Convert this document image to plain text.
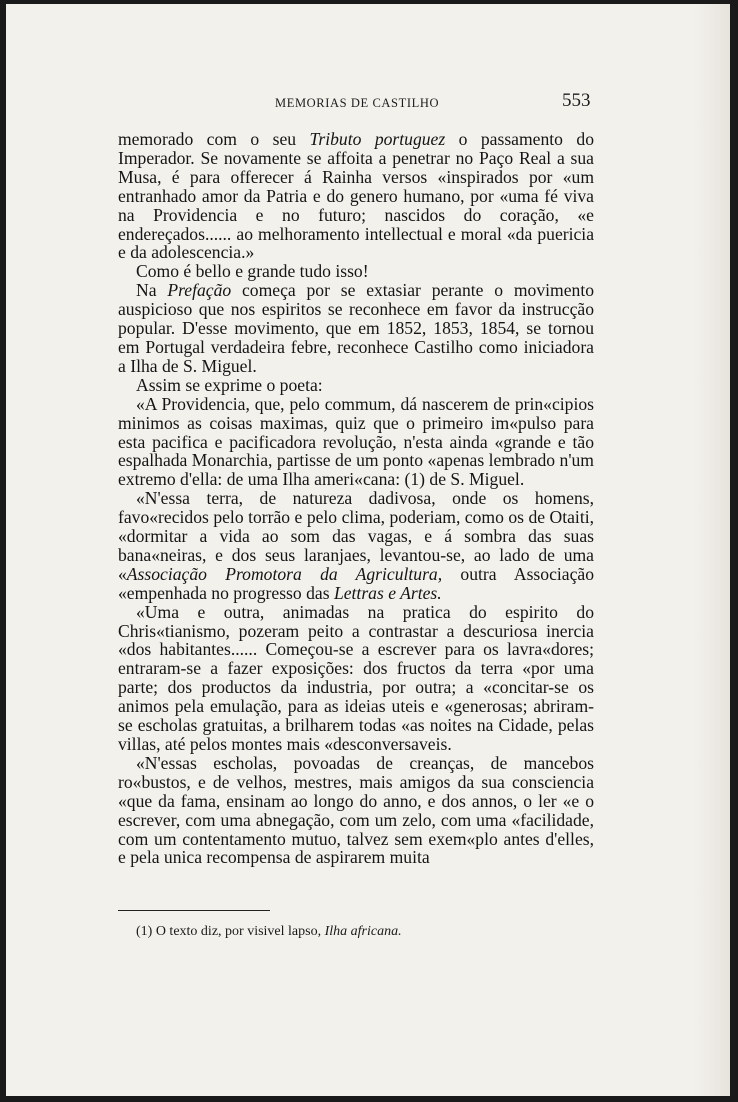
MEMORIAS DE CASTILHO	553

memorado com o seu Tributo portuguez o passamento do Imperador. Se novamente se affoita a penetrar no Paço Real a sua Musa, é para offerecer á Rainha versos «inspirados por «um entranhado amor da Patria e do genero humano, por «uma fé viva na Providencia e no futuro; nascidos do coração, «e endereçados...... ao melhoramento intellectual e moral «da puericia e da adolescencia.»

Como é bello e grande tudo isso!

Na Prefação começa por se extasiar perante o movimento auspicioso que nos espiritos se reconhece em favor da instrucção popular. D'esse movimento, que em 1852, 1853, 1854, se tornou em Portugal verdadeira febre, reconhece Castilho como iniciadora a Ilha de S. Miguel.

Assim se exprime o poeta:

«A Providencia, que, pelo commum, dá nascerem de prin«cipios minimos as coisas maximas, quiz que o primeiro im«pulso para esta pacifica e pacificadora revolução, n'esta ainda «grande e tão espalhada Monarchia, partisse de um ponto «apenas lembrado n'um extremo d'ella: de uma Ilha ameri«cana: (1) de S. Miguel.

«N'essa terra, de natureza dadivosa, onde os homens, favo«recidos pelo torrão e pelo clima, poderiam, como os de Otaiti, «dormitar a vida ao som das vagas, e á sombra das suas bana«neiras, e dos seus laranjaes, levantou-se, ao lado de uma «Associação Promotora da Agricultura, outra Associação «empenhada no progresso das Lettras e Artes.

«Uma e outra, animadas na pratica do espirito do Chris«tianismo, pozeram peito a contrastar a descuriosa inercia «dos habitantes...... Começou-se a escrever para os lavra«dores; entraram-se a fazer exposições: dos fructos da terra «por uma parte; dos productos da industria, por outra; a «concitar-se os animos pela emulação, para as ideias uteis e «generosas; abriram-se escholas gratuitas, a brilharem todas «as noites na Cidade, pelas villas, até pelos montes mais «desconversaveis.

«N'essas escholas, povoadas de creanças, de mancebos ro«bustos, e de velhos, mestres, mais amigos da sua consciencia «que da fama, ensinam ao longo do anno, e dos annos, o ler «e o escrever, com uma abnegação, com um zelo, com uma «facilidade, com um contentamento mutuo, talvez sem exem«plo antes d'elles, e pela unica recompensa de aspirarem muita

(1) O texto diz, por visivel lapso, Ilha africana.
